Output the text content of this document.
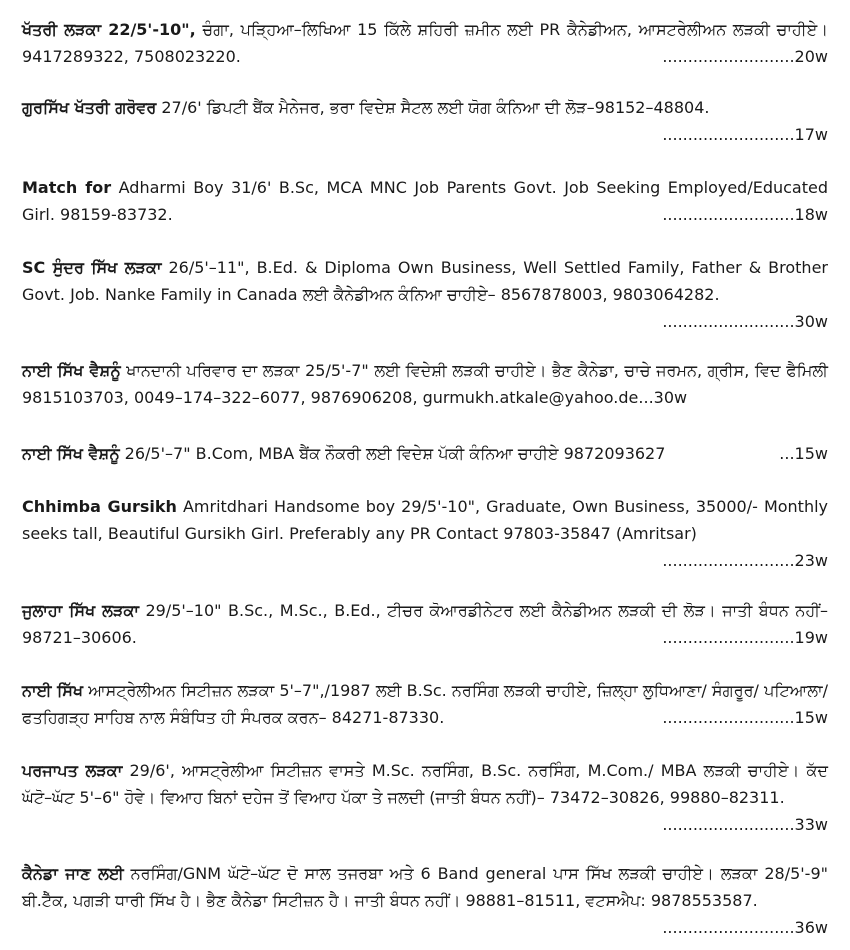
ਖੱਤਰੀ ਲੜਕਾ 22/5'-10", ਚੰਗਾ, ਪੜ੍ਹਿਆ–ਲਿਖਿਆ 15 ਕਿੱਲੇ ਸ਼ਹਿਰੀ ਜ਼ਮੀਨ ਲਈ PR ਕੈਨੇਡੀਅਨ, ਆਸਟਰੇਲੀਅਨ ਲੜਕੀ ਚਾਹੀਏ। 9417289322, 7508023220.	..........................20w
ਗੁਰਸਿੱਖ ਖੱਤਰੀ ਗਰੋਵਰ 27/6' ਡਿਪਟੀ ਬੈਂਕ ਮੈਨੇਜਰ, ਭਰਾ ਵਿਦੇਸ਼ ਸੈਟਲ ਲਈ ਯੋਗ ਕੰਨਿਆ ਦੀ ਲੋੜ–98152–48804.
..........................17w
Match for Adharmi Boy 31/6' B.Sc, MCA MNC Job Parents Govt. Job Seeking Employed/Educated Girl. 98159-83732.	..........................18w
SC ਸੁੰਦਰ ਸਿੱਖ ਲੜਕਾ 26/5'–11", B.Ed. & Diploma Own Business, Well Settled Family, Father & Brother Govt. Job. Nanke Family in Canada ਲਈ ਕੈਨੇਡੀਅਨ ਕੰਨਿਆ ਚਾਹੀਏ– 8567878003, 9803064282.
..........................30w
ਨਾਈ ਸਿੱਖ ਵੈਸ਼ਨੂੰ ਖਾਨਦਾਨੀ ਪਰਿਵਾਰ ਦਾ ਲੜਕਾ 25/5'-7" ਲਈ ਵਿਦੇਸ਼ੀ ਲੜਕੀ ਚਾਹੀਏ। ਭੈਣ ਕੈਨੇਡਾ, ਚਾਚੇ ਜਰਮਨ, ਗ੍ਰੀਸ, ਵਿਦ ਫੈਮਿਲੀ 9815103703, 0049–174–322–6077, 9876906208, gurmukh.atkale@yahoo.de...30w
ਨਾਈ ਸਿੱਖ ਵੈਸ਼ਨੂੰ 26/5'–7" B.Com, MBA ਬੈਂਕ ਨੌਕਰੀ ਲਈ ਵਿਦੇਸ਼ ਪੱਕੀ ਕੰਨਿਆ ਚਾਹੀਏ 9872093627	...15w
Chhimba Gursikh Amritdhari Handsome boy 29/5'-10", Graduate, Own Business, 35000/- Monthly seeks tall, Beautiful Gursikh Girl. Preferably any PR Contact 97803-35847 (Amritsar)
..........................23w
ਜੁਲਾਹਾ ਸਿੱਖ ਲੜਕਾ 29/5'–10" B.Sc., M.Sc., B.Ed., ਟੀਚਰ ਕੋਆਰਡੀਨੇਟਰ ਲਈ ਕੈਨੇਡੀਅਨ ਲੜਕੀ ਦੀ ਲੋੜ। ਜਾਤੀ ਬੰਧਨ ਨਹੀਂ– 98721–30606.	..........................19w
ਨਾਈ ਸਿੱਖ ਆਸਟ੍ਰੇਲੀਅਨ ਸਿਟੀਜ਼ਨ ਲੜਕਾ 5'–7",/1987 ਲਈ B.Sc. ਨਰਸਿੰਗ ਲੜਕੀ ਚਾਹੀਏ, ਜ਼ਿਲ੍ਹਾ ਲੁਧਿਆਣਾ/ ਸੰਗਰੂਰ/ ਪਟਿਆਲਾ/ ਫਤਹਿਗੜ੍ਹ ਸਾਹਿਬ ਨਾਲ ਸੰਬੰਧਿਤ ਹੀ ਸੰਪਰਕ ਕਰਨ– 84271-87330.	..........................15w
ਪਰਜਾਪਤ ਲੜਕਾ 29/6', ਆਸਟ੍ਰੇਲੀਆ ਸਿਟੀਜ਼ਨ ਵਾਸਤੇ M.Sc. ਨਰਸਿੰਗ, B.Sc. ਨਰਸਿੰਗ, M.Com./ MBA ਲੜਕੀ ਚਾਹੀਏ। ਕੱਦ ਘੱਟੋ–ਘੱਟ 5'–6" ਹੋਵੇ। ਵਿਆਹ ਬਿਨਾਂ ਦਹੇਜ ਤੋਂ ਵਿਆਹ ਪੱਕਾ ਤੇ ਜਲਦੀ (ਜਾਤੀ ਬੰਧਨ ਨਹੀਂ)– 73472–30826, 99880–82311.
..........................33w
ਕੈਨੇਡਾ ਜਾਣ ਲਈ ਨਰਸਿੰਗ/GNM ਘੱਟੋ–ਘੱਟ ਦੋ ਸਾਲ ਤਜਰਬਾ ਅਤੇ 6 Band general ਪਾਸ ਸਿੱਖ ਲੜਕੀ ਚਾਹੀਏ। ਲੜਕਾ 28/5'-9" ਬੀ.ਟੈੱਕ, ਪਗੜੀ ਧਾਰੀ ਸਿੱਖ ਹੈ। ਭੈਣ ਕੈਨੇਡਾ ਸਿਟੀਜ਼ਨ ਹੈ। ਜਾਤੀ ਬੰਧਨ ਨਹੀਂ। 98881–81511, ਵਟਸਐਪ: 9878553587.
..........................36w
